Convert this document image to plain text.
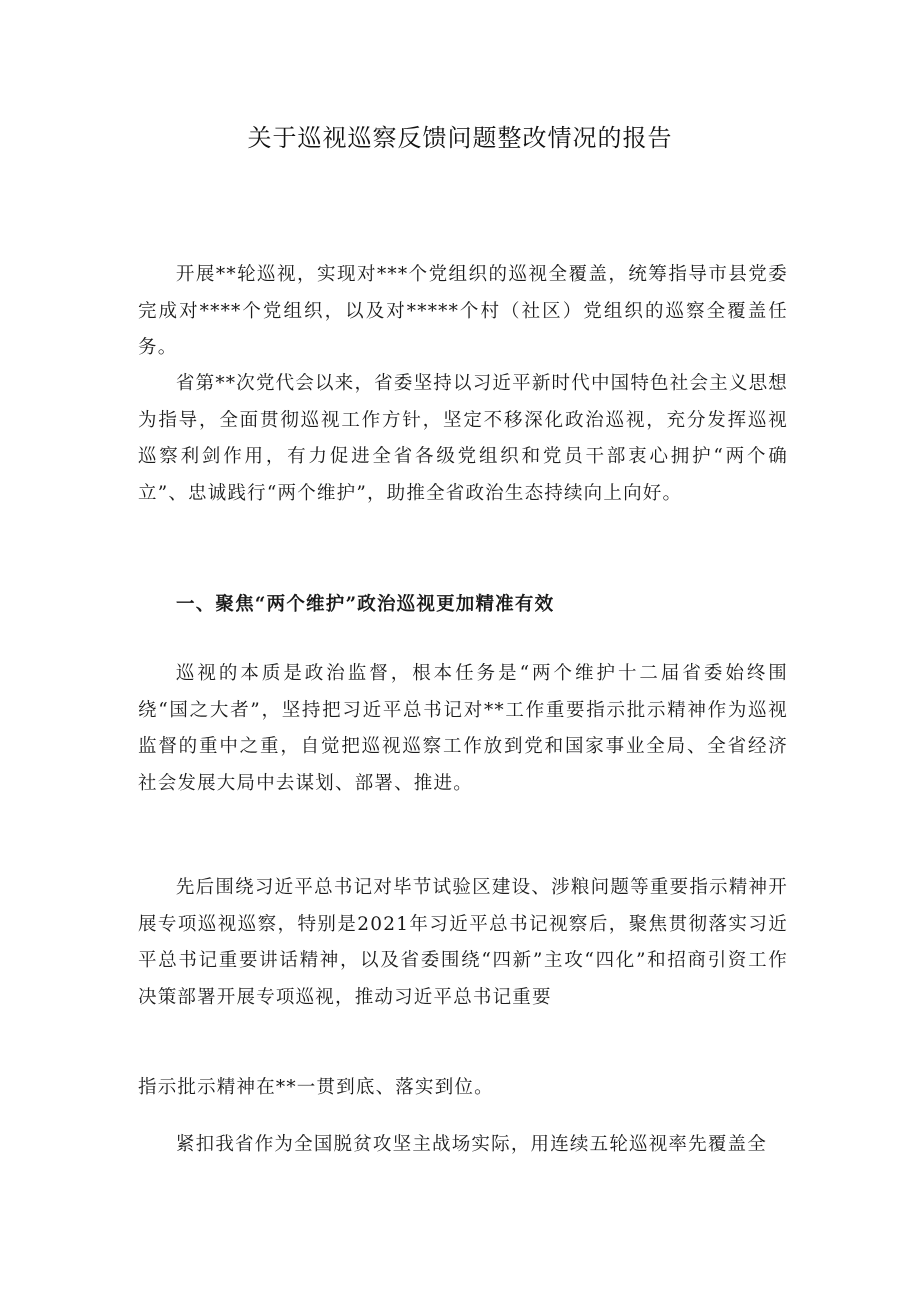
关于巡视巡察反馈问题整改情况的报告

开展**轮巡视，实现对***个党组织的巡视全覆盖，统筹指导市县党委完成对****个党组织，以及对*****个村（社区）党组织的巡察全覆盖任务。

省第**次党代会以来，省委坚持以习近平新时代中国特色社会主义思想为指导，全面贯彻巡视工作方针，坚定不移深化政治巡视，充分发挥巡视巡察利剑作用，有力促进全省各级党组织和党员干部衷心拥护“两个确立”、忠诚践行“两个维护”，助推全省政治生态持续向上向好。

一、聚焦“两个维护”政治巡视更加精准有效

巡视的本质是政治监督，根本任务是“两个维护十二届省委始终围绕“国之大者”，坚持把习近平总书记对**工作重要指示批示精神作为巡视监督的重中之重，自觉把巡视巡察工作放到党和国家事业全局、全省经济社会发展大局中去谋划、部署、推进。

先后围绕习近平总书记对毕节试验区建设、涉粮问题等重要指示精神开展专项巡视巡察，特别是2021年习近平总书记视察后，聚焦贯彻落实习近平总书记重要讲话精神，以及省委围绕“四新”主攻“四化”和招商引资工作决策部署开展专项巡视，推动习近平总书记重要

指示批示精神在**一贯到底、落实到位。

紧扣我省作为全国脱贫攻坚主战场实际，用连续五轮巡视率先覆盖全
